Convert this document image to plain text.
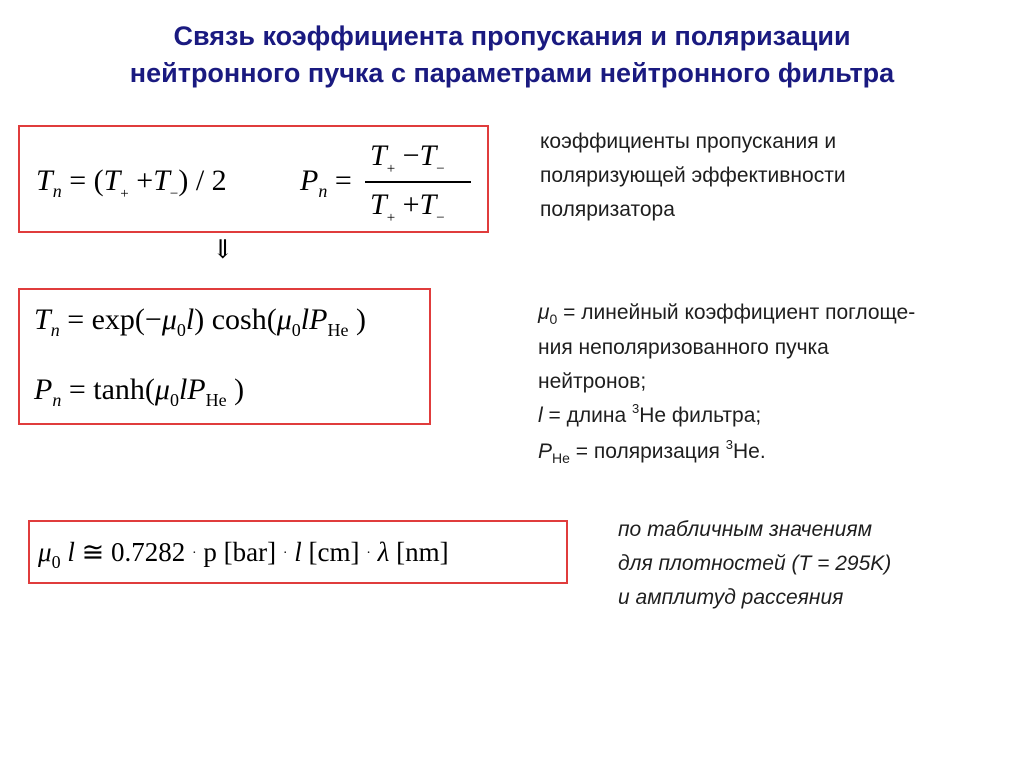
Связь коэффициента пропускания и поляризации
нейтронного пучка с параметрами нейтронного фильтра
$T_n = (T_+ +T_-) / 2$ $P_n$ =
$T_+ -T_-$
$T_+ +T_-$
коэффициенты пропускания и
поляризующей эффективности
поляризатора
⇓
$T_n = \exp(-\mu_0l)$ $\cosh(\mu_0lP_{He}$ )
$P_n = \tanh(\mu_0lP_{He}$ )
$\mu_0$ = линейный коэффициент поглоще-
ния неполяризованного пучка
нейтронов;
l = длина $^3$He фильтра;
$P_{He}$ = поляризация $^3$He.
$\mu_0$ l ≅ 0.7282 · p [bar] · l [cm] · λ [nm]
по табличным значениям
для плотностей (T = 295K)
и амплитуд рассеяния
